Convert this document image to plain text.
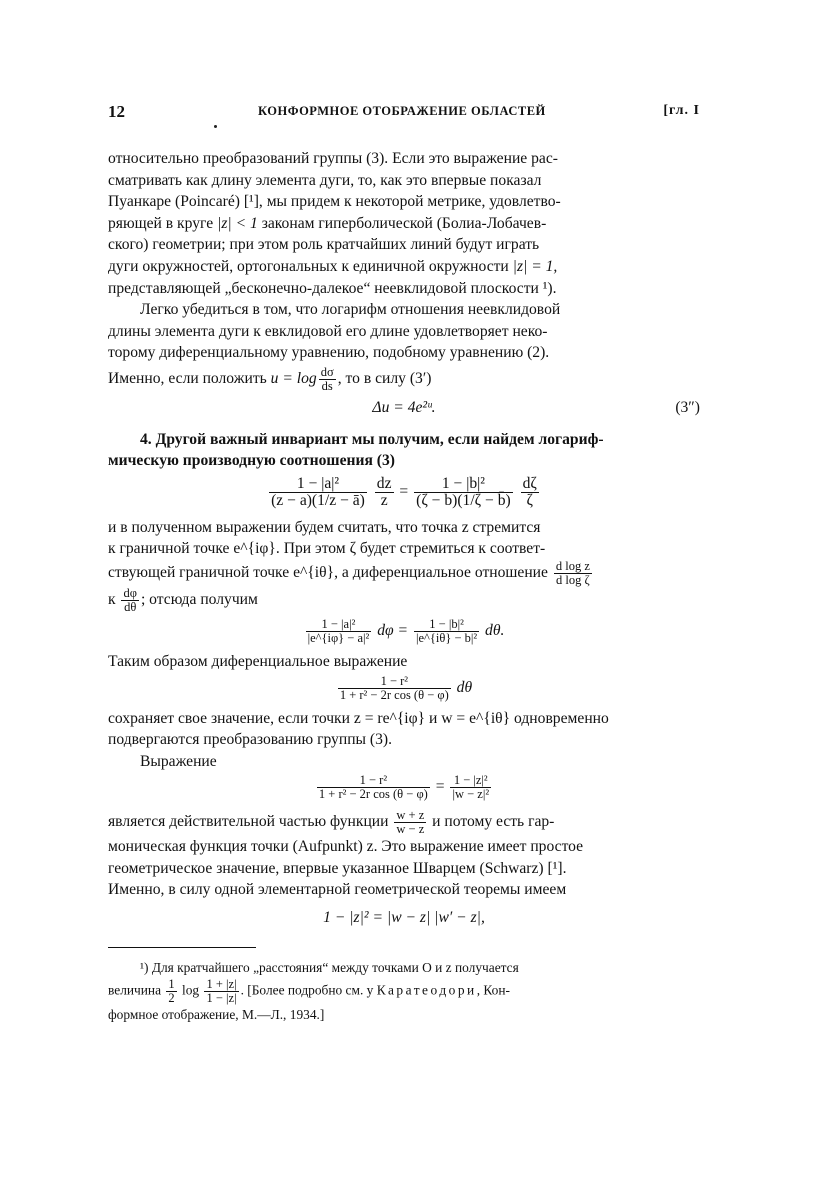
12	КОНФОРМНОЕ ОТОБРАЖЕНИЕ ОБЛАСТЕЙ	[гл. I

относительно преобразований группы (3). Если это выражение рас-

сматривать как длину элемента дуги, то, как это впервые показал

Пуанкаре (Poincaré) [¹], мы придем к некоторой метрике, удовлетво-

ряющей в круге |z| < 1 законам гиперболической (Болиа-Лобачев-

ского) геометрии; при этом роль кратчайших линий будут играть

дуги окружностей, ортогональных к единичной окружности |z| = 1,

представляющей „бесконечно-далекое“ неевклидовой плоскости ¹).

Легко убедиться в том, что логарифм отношения неевклидовой

длины элемента дуги к евклидовой его длине удовлетворяет неко-

торому диференциальному уравнению, подобному уравнению (2).

Именно, если положить $u = \log \frac{d\sigma}{ds}$ , то в силу (3′)

Δu = 4e²ᵘ.	(3″)

4. Другой важный инвариант мы получим, если найдем логариф-

мическую производную соотношения (3)

$\frac{\text{1 − |a|²}}{(z - a)(1/z - ā)}$
$\frac{dz}{z} = \frac{\text{1 − |b|²}}{(\zeta - b)(1/\zeta - b̄)}$
$\frac{d\zeta}{\zeta}$

и в полученном выражении будем считать, что точка z стремится

к граничной точке e^{iφ}. При этом ζ будет стремиться к соответ-

ствующей граничной точке e^{iθ}, а диференциальное отношение $\frac{\text{d log z}}{\text{d log ζ}}$

к $\frac{d\varphi}{d\theta}$ ; отсюда получим

$\frac{\text{1 − |a|²}}{\text{|e\textasciicircum{}\{iφ\} − a|²}}$ $d\varphi = \frac{\text{1 − |b|²}}{\text{|e\textasciicircum{}\{iθ\} − b|²}} d\theta$.

Таким образом диференциальное выражение

$\frac{\text{1 − r²}}{\text{1 + r² − 2r cos (θ − φ)}}$ dθ

сохраняет свое значение, если точки z = re^{iφ} и w = e^{iθ} одновременно

подвергаются преобразованию группы (3).

Выражение

$\frac{\text{1 − r²}}{\text{1 + r² − 2r cos (θ − φ)}} = \frac{\text{1 − |z|²}}{\text{|w − z|²}}$

является действительной частью функции $\frac{w + z}{w - z}$ и потому есть гар-

моническая функция точки (Aufpunkt) z. Это выражение имеет простое

геометрическое значение, впервые указанное Шварцем (Schwarz) [¹].

Именно, в силу одной элементарной геометрической теоремы имеем

1 − |z|² = |w − z| |w′ − z|,

¹) Для кратчайшего „расстояния“ между точками O и z получается

величина $\frac{1}{2}$ $\log \frac{1 + |z|}{1 - |z|}$ . [Более подробно см. у Каратеодори, Кон-

формное отображение, М.—Л., 1934.]
